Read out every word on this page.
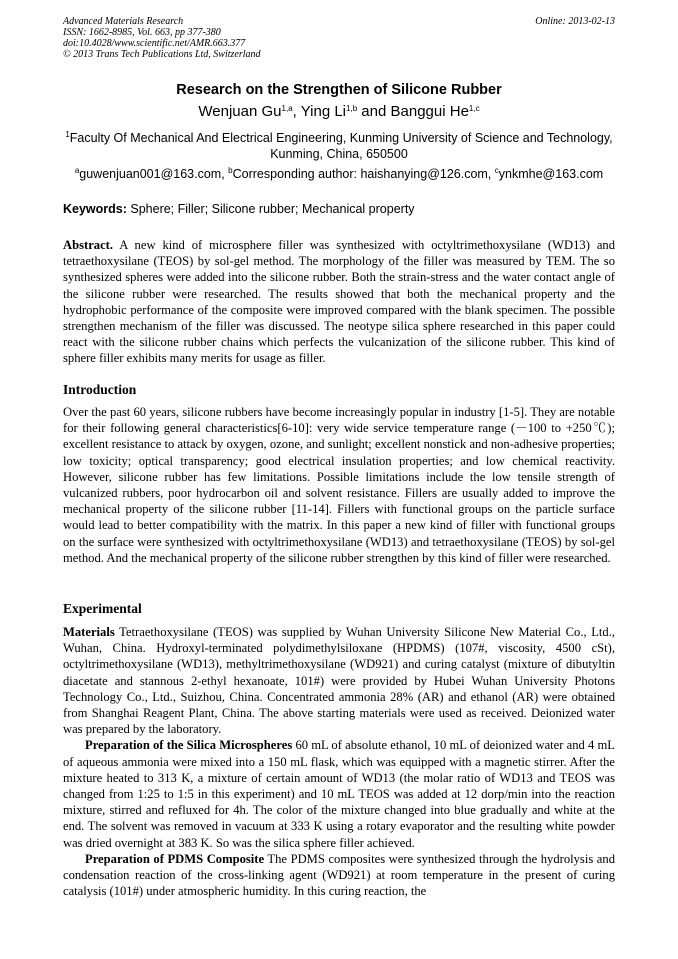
Advanced Materials Research
ISSN: 1662-8985, Vol. 663, pp 377-380
doi:10.4028/www.scientific.net/AMR.663.377
© 2013 Trans Tech Publications Ltd, Switzerland
Online: 2013-02-13
Research on the Strengthen of Silicone Rubber
Wenjuan Gu$^{1,a}$, Ying Li$^{1,b}$ and Banggui He$^{1,c}$
$^1$Faculty Of Mechanical And Electrical Engineering, Kunming University of Science and Technology, Kunming, China, 650500
$^a$guwenjuan001@163.com, $^b$Corresponding author: haishanying@126.com, $^c$ynkmhe@163.com
Keywords: Sphere; Filler; Silicone rubber; Mechanical property
Abstract. A new kind of microsphere filler was synthesized with octyltrimethoxysilane (WD13) and tetraethoxysilane (TEOS) by sol-gel method. The morphology of the filler was measured by TEM. The so synthesized spheres were added into the silicone rubber. Both the strain-stress and the water contact angle of the silicone rubber were researched. The results showed that both the mechanical property and the hydrophobic performance of the composite were improved compared with the blank specimen. The possible strengthen mechanism of the filler was discussed. The neotype silica sphere researched in this paper could react with the silicone rubber chains which perfects the vulcanization of the silicone rubber. This kind of sphere filler exhibits many merits for usage as filler.
Introduction
Over the past 60 years, silicone rubbers have become increasingly popular in industry [1-5]. They are notable for their following general characteristics[6-10]: very wide service temperature range (－100 to +250℃); excellent resistance to attack by oxygen, ozone, and sunlight; excellent nonstick and non-adhesive properties; low toxicity; optical transparency; good electrical insulation properties; and low chemical reactivity. However, silicone rubber has few limitations. Possible limitations include the low tensile strength of vulcanized rubbers, poor hydrocarbon oil and solvent resistance. Fillers are usually added to improve the mechanical property of the silicone rubber [11-14]. Fillers with functional groups on the particle surface would lead to better compatibility with the matrix. In this paper a new kind of filler with functional groups on the surface were synthesized with octyltrimethoxysilane (WD13) and tetraethoxysilane (TEOS) by sol-gel method. And the mechanical property of the silicone rubber strengthen by this kind of filler were researched.
Experimental

Materials Tetraethoxysilane (TEOS) was supplied by Wuhan University Silicone New Material Co., Ltd., Wuhan, China. Hydroxyl-terminated polydimethylsiloxane (HPDMS) (107#, viscosity, 4500 cSt), octyltrimethoxysilane (WD13), methyltrimethoxysilane (WD921) and curing catalyst (mixture of dibutyltin diacetate and stannous 2-ethyl hexanoate, 101#) were provided by Hubei Wuhan University Photons Technology Co., Ltd., Suizhou, China. Concentrated ammonia 28% (AR) and ethanol (AR) were obtained from Shanghai Reagent Plant, China. The above starting materials were used as received. Deionized water was prepared by the laboratory.

Preparation of the Silica Microspheres 60 mL of absolute ethanol, 10 mL of deionized water and 4 mL of aqueous ammonia were mixed into a 150 mL flask, which was equipped with a magnetic stirrer. After the mixture heated to 313 K, a mixture of certain amount of WD13 (the molar ratio of WD13 and TEOS was changed from 1:25 to 1:5 in this experiment) and 10 mL TEOS was added at 12 dorp/min into the reaction mixture, stirred and refluxed for 4h. The color of the mixture changed into blue gradually and white at the end. The solvent was removed in vacuum at 333 K using a rotary evaporator and the resulting white powder was dried overnight at 383 K. So was the silica sphere filler achieved.

Preparation of PDMS Composite The PDMS composites were synthesized through the hydrolysis and condensation reaction of the cross-linking agent (WD921) at room temperature in the present of curing catalysis (101#) under atmospheric humidity. In this curing reaction, the
